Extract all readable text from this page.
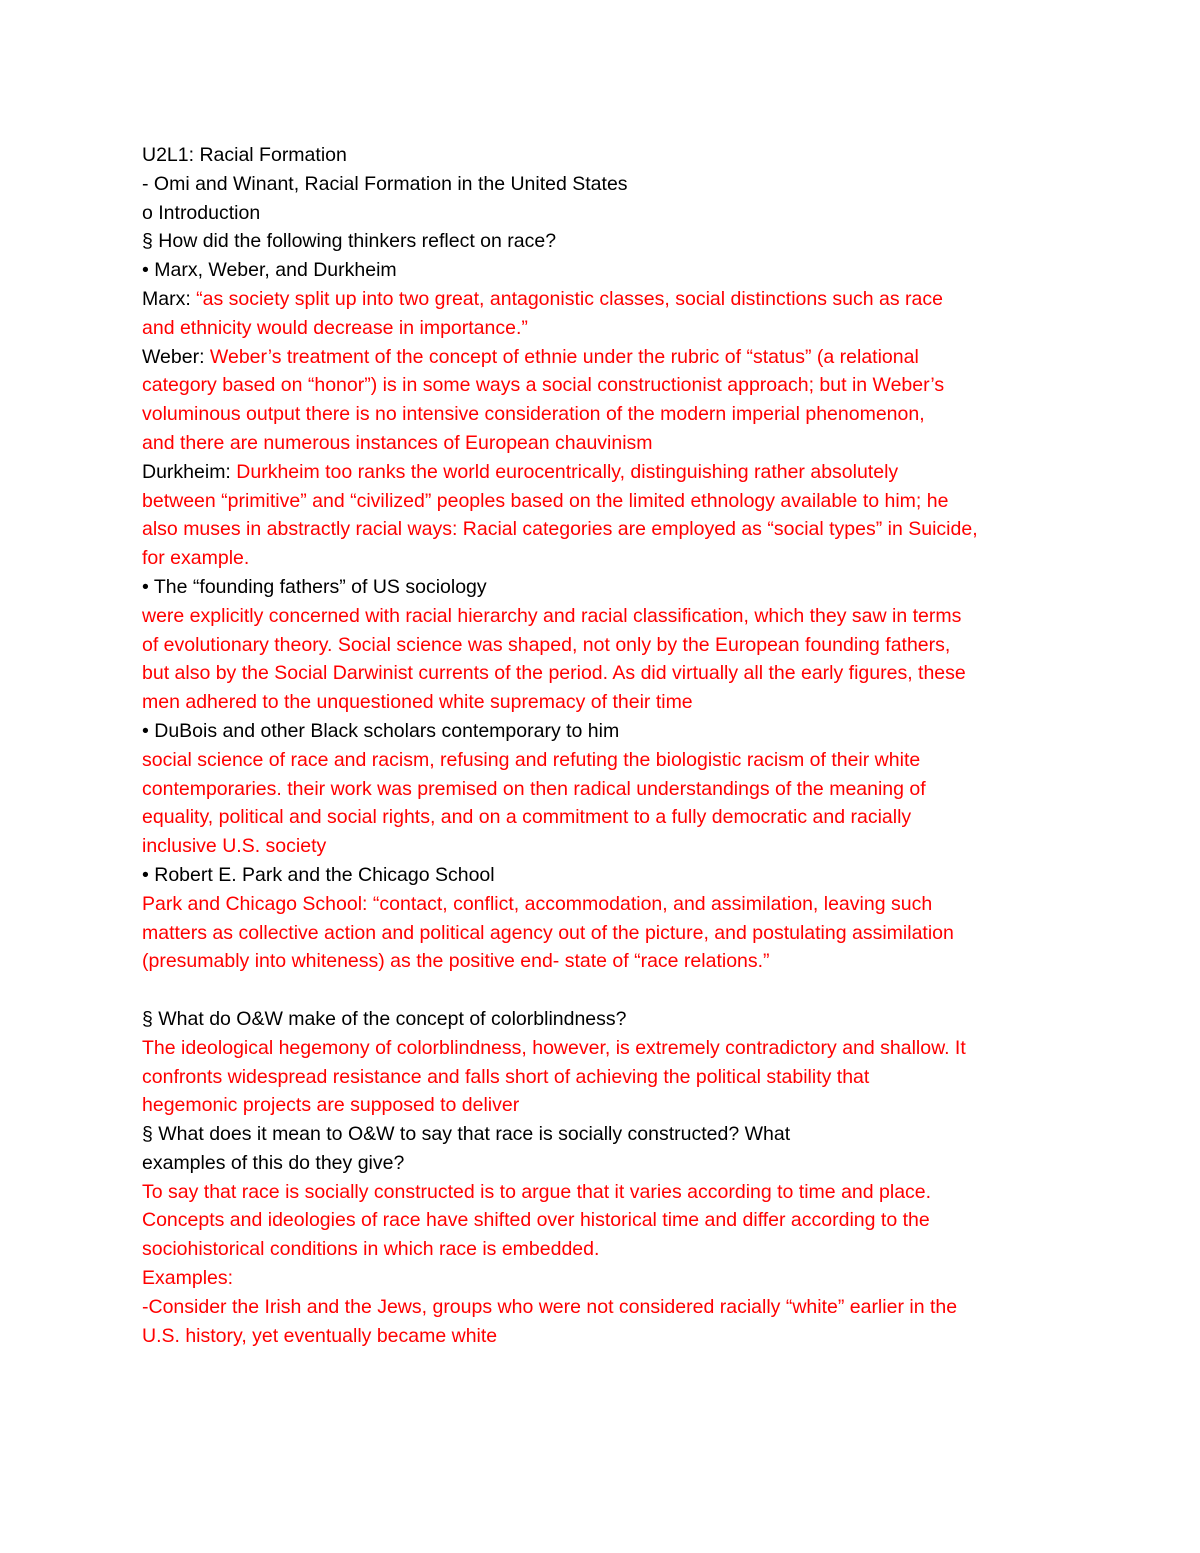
U2L1: Racial Formation
- Omi and Winant, Racial Formation in the United States
o Introduction
§ How did the following thinkers reflect on race?
• Marx, Weber, and Durkheim
Marx: “as society split up into two great, antagonistic classes, social distinctions such as race
and ethnicity would decrease in importance.”
Weber: Weber’s treatment of the concept of ethnie under the rubric of “status” (a relational
category based on “honor”) is in some ways a social constructionist approach; but in Weber’s
voluminous output there is no intensive consideration of the modern imperial phenomenon,
and there are numerous instances of European chauvinism
Durkheim: Durkheim too ranks the world eurocentrically, distinguishing rather absolutely
between “primitive” and “civilized” peoples based on the limited ethnology available to him; he
also muses in abstractly racial ways: Racial categories are employed as “social types” in Suicide,
for example.
• The “founding fathers” of US sociology
were explicitly concerned with racial hierarchy and racial classification, which they saw in terms
of evolutionary theory. Social science was shaped, not only by the European founding fathers,
but also by the Social Darwinist currents of the period. As did virtually all the early figures, these
men adhered to the unquestioned white supremacy of their time
• DuBois and other Black scholars contemporary to him
social science of race and racism, refusing and refuting the biologistic racism of their white
contemporaries. their work was premised on then radical understandings of the meaning of
equality, political and social rights, and on a commitment to a fully democratic and racially
inclusive U.S. society
• Robert E. Park and the Chicago School
Park and Chicago School: “contact, conflict, accommodation, and assimilation, leaving such
matters as collective action and political agency out of the picture, and postulating assimilation
(presumably into whiteness) as the positive end- state of “race relations.”
§ What do O&W make of the concept of colorblindness?
The ideological hegemony of colorblindness, however, is extremely contradictory and shallow. It
confronts widespread resistance and falls short of achieving the political stability that
hegemonic projects are supposed to deliver
§ What does it mean to O&W to say that race is socially constructed? What
examples of this do they give?
To say that race is socially constructed is to argue that it varies according to time and place.
Concepts and ideologies of race have shifted over historical time and differ according to the
sociohistorical conditions in which race is embedded.
Examples:
-Consider the Irish and the Jews, groups who were not considered racially “white” earlier in the
U.S. history, yet eventually became white
